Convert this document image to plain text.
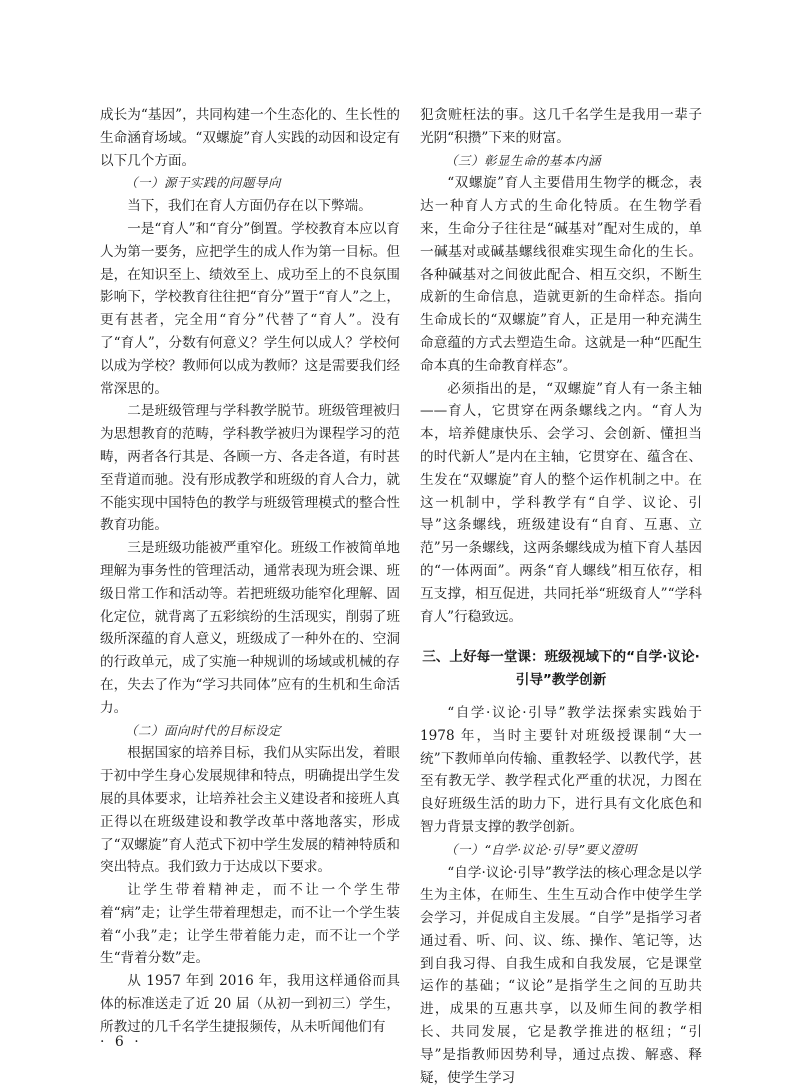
成长为“基因”，共同构建一个生态化的、生长性的生命涵育场域。“双螺旋”育人实践的动因和设定有以下几个方面。

（一）源于实践的问题导向

当下，我们在育人方面仍存在以下弊端。

一是“育人”和“育分”倒置。学校教育本应以育人为第一要务，应把学生的成人作为第一目标。但是，在知识至上、绩效至上、成功至上的不良氛围影响下，学校教育往往把“育分”置于“育人”之上，更有甚者，完全用“育分”代替了“育人”。没有了“育人”，分数有何意义？学生何以成人？学校何以成为学校？教师何以成为教师？这是需要我们经常深思的。

二是班级管理与学科教学脱节。班级管理被归为思想教育的范畴，学科教学被归为课程学习的范畴，两者各行其是、各顾一方、各走各道，有时甚至背道而驰。没有形成教学和班级的育人合力，就不能实现中国特色的教学与班级管理模式的整合性教育功能。

三是班级功能被严重窄化。班级工作被简单地理解为事务性的管理活动，通常表现为班会课、班级日常工作和活动等。若把班级功能窄化理解、固化定位，就背离了五彩缤纷的生活现实，削弱了班级所深蕴的育人意义，班级成了一种外在的、空洞的行政单元，成了实施一种规训的场域或机械的存在，失去了作为“学习共同体”应有的生机和生命活力。

（二）面向时代的目标设定

根据国家的培养目标，我们从实际出发，着眼于初中学生身心发展规律和特点，明确提出学生发展的具体要求，让培养社会主义建设者和接班人真正得以在班级建设和教学改革中落地落实，形成了“双螺旋”育人范式下初中学生发展的精神特质和突出特点。我们致力于达成以下要求。

让学生带着精神走，而不让一个学生带着“病”走；让学生带着理想走，而不让一个学生装着“小我”走；让学生带着能力走，而不让一个学生“背着分数”走。

从 1957 年到 2016 年，我用这样通俗而具体的标准送走了近 20 届（从初一到初三）学生，所教过的几千名学生捷报频传，从未听闻他们有

犯贪赃枉法的事。这几千名学生是我用一辈子光阴“积攒”下来的财富。

（三）彰显生命的基本内涵

“双螺旋”育人主要借用生物学的概念，表达一种育人方式的生命化特质。在生物学看来，生命分子往往是“碱基对”配对生成的，单一碱基对或碱基螺线很难实现生命化的生长。各种碱基对之间彼此配合、相互交织，不断生成新的生命信息，造就更新的生命样态。指向生命成长的“双螺旋”育人，正是用一种充满生命意蕴的方式去塑造生命。这就是一种“匹配生命本真的生命教育样态”。

必须指出的是，“双螺旋”育人有一条主轴——育人，它贯穿在两条螺线之内。“育人为本，培养健康快乐、会学习、会创新、懂担当的时代新人”是内在主轴，它贯穿在、蕴含在、生发在“双螺旋”育人的整个运作机制之中。在这一机制中，学科教学有“自学、议论、引导”这条螺线，班级建设有“自育、互惠、立范”另一条螺线，这两条螺线成为植下育人基因的“一体两面”。两条“育人螺线”相互依存，相互支撑，相互促进，共同托举“班级育人”“学科育人”行稳致远。

三、上好每一堂课：班级视域下的“自学·议论·引导”教学创新

“自学·议论·引导”教学法探索实践始于 1978 年，当时主要针对班级授课制“大一统”下教师单向传输、重教轻学、以教代学，甚至有教无学、教学程式化严重的状况，力图在良好班级生活的助力下，进行具有文化底色和智力背景支撑的教学创新。

（一）“自学·议论·引导”要义澄明

“自学·议论·引导”教学法的核心理念是以学生为主体，在师生、生生互动合作中使学生学会学习，并促成自主发展。“自学”是指学习者通过看、听、问、议、练、操作、笔记等，达到自我习得、自我生成和自我发展，它是课堂运作的基础；“议论”是指学生之间的互助共进，成果的互惠共享，以及师生间的教学相长、共同发展，它是教学推进的枢纽；“引导”是指教师因势利导，通过点拨、解惑、释疑，使学生学习

· 6 ·
